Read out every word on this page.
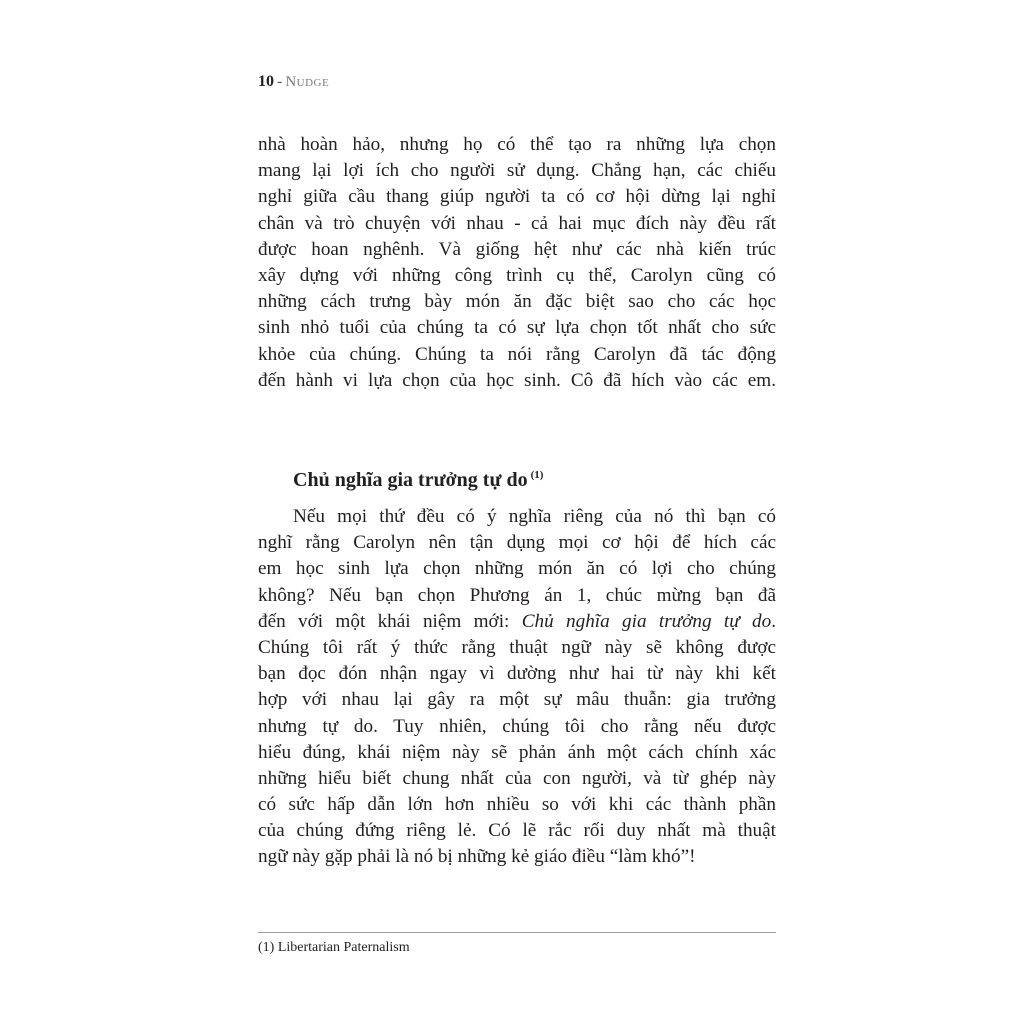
10 - Nudge
nhà hoàn hảo, nhưng họ có thể tạo ra những lựa chọn
mang lại lợi ích cho người sử dụng. Chẳng hạn, các chiếu
nghỉ giữa cầu thang giúp người ta có cơ hội dừng lại nghỉ
chân và trò chuyện với nhau - cả hai mục đích này đều rất
được hoan nghênh. Và giống hệt như các nhà kiến trúc
xây dựng với những công trình cụ thể, Carolyn cũng có
những cách trưng bày món ăn đặc biệt sao cho các học
sinh nhỏ tuổi của chúng ta có sự lựa chọn tốt nhất cho sức
khỏe của chúng. Chúng ta nói rằng Carolyn đã tác động
đến hành vi lựa chọn của học sinh. Cô đã hích vào các em.
Chủ nghĩa gia trưởng tự do $^{(1)}$
Nếu mọi thứ đều có ý nghĩa riêng của nó thì bạn có
nghĩ rằng Carolyn nên tận dụng mọi cơ hội để hích các
em học sinh lựa chọn những món ăn có lợi cho chúng
không? Nếu bạn chọn Phương án 1, chúc mừng bạn đã
đến với một khái niệm mới: Chủ nghĩa gia trưởng tự do.
Chúng tôi rất ý thức rằng thuật ngữ này sẽ không được
bạn đọc đón nhận ngay vì dường như hai từ này khi kết
hợp với nhau lại gây ra một sự mâu thuẫn: gia trưởng
nhưng tự do. Tuy nhiên, chúng tôi cho rằng nếu được
hiểu đúng, khái niệm này sẽ phản ánh một cách chính xác
những hiểu biết chung nhất của con người, và từ ghép này
có sức hấp dẫn lớn hơn nhiều so với khi các thành phần
của chúng đứng riêng lẻ. Có lẽ rắc rối duy nhất mà thuật
ngữ này gặp phải là nó bị những kẻ giáo điều “làm khó”!
(1) Libertarian Paternalism
